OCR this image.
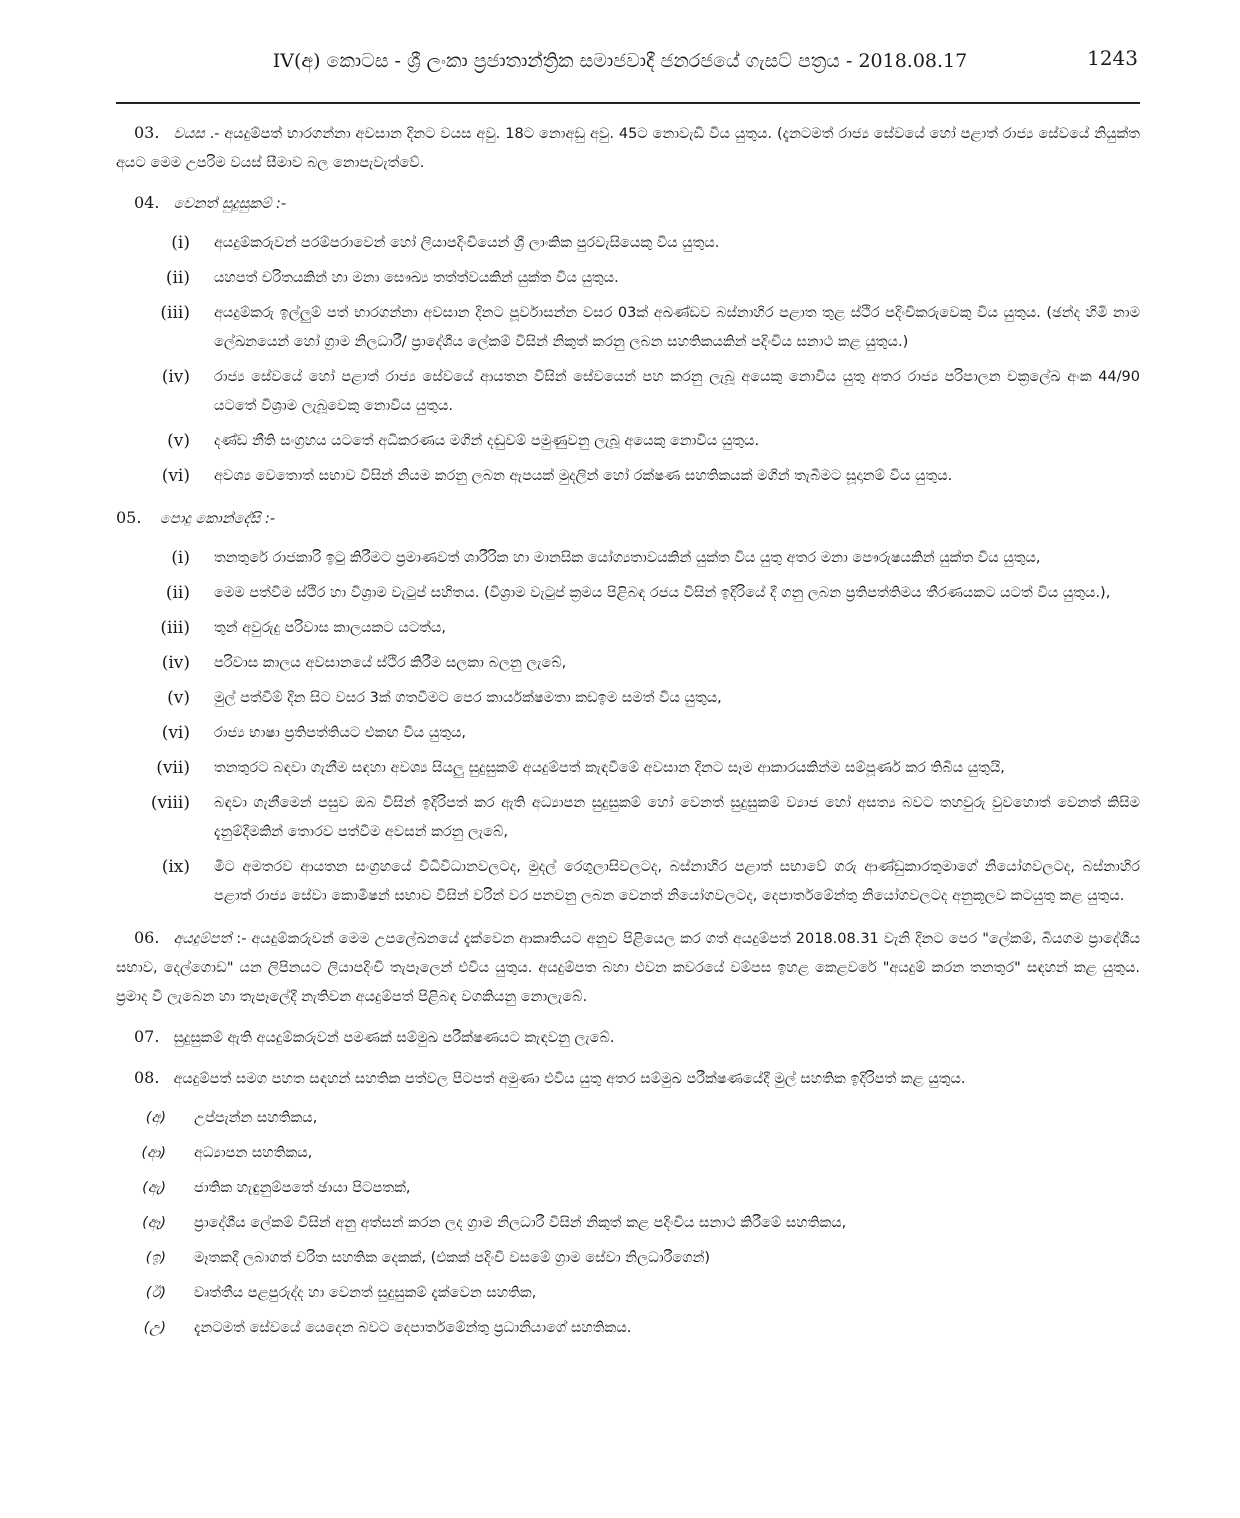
IV(අ) කොටස - ශ්‍රී ලංකා ප්‍රජාතාන්ත්‍රික සමාජවාදී ජනරජයේ ගැසට් පත්‍රය - 2018.08.17	1243

03. වයස .- අයදුම්පත් භාරගන්නා අවසාන දිනට වයස අවු. 18ට නොඅඩු අවු. 45ට නොවැඩි විය යුතුය. (දැනටමත් රාජ්‍ය සේවයේ හෝ පළාත් රාජ්‍ය සේවයේ නියුක්ත අයට මෙම උපරිම වයස් සීමාව බල නොපැවැත්වේ.

04. වෙනත් සුදුසුකම් :-

(i)	අයදුම්කරුවන් පරම්පරාවෙන් හෝ ලියාපදිංචියෙන් ශ්‍රී ලාංකික පුරවැසියෙකු විය යුතුය.
(ii)	යහපත් චරිතයකින් හා මනා සෞඛ්‍ය තත්ත්වයකින් යුක්ත විය යුතුය.
(iii)	අයදුම්කරු ඉල්ලුම් පත් භාරගන්නා අවසාන දිනට පූර්වාසන්න වසර 03ක් අඛණ්ඩව බස්නාහිර පළාත තුළ ස්ථිර පදිංචිකරුවෙකු විය යුතුය. (ඡන්ද හිමි නාම ලේඛනයෙන් හෝ ග්‍රාම නිලධාරී/ ප්‍රාදේශීය ලේකම් විසින් නිකුත් කරනු ලබන සහතිකයකින් පදිංචිය සනාථ කළ යුතුය.)
(iv)	රාජ්‍ය සේවයේ හෝ පළාත් රාජ්‍ය සේවයේ ආයතන විසින් සේවයෙන් පහ කරනු ලැබූ අයෙකු නොවිය යුතු අතර රාජ්‍ය පරිපාලන චක්‍රලේඛ අංක 44/90 යටතේ විශ්‍රාම ලැබූවෙකු නොවිය යුතුය.
(v)	දණ්ඩ නීති සංග්‍රහය යටතේ අධිකරණය මගින් දඬුවම් පමුණුවනු ලැබූ අයෙකු නොවිය යුතුය.
(vi)	අවශ්‍ය වෙතොත් සභාව විසින් නියම කරනු ලබන ඇපයක් මුදලින් හෝ රක්ෂණ සහතිකයක් මගින් තැබීමට සූදානම් විය යුතුය.

05. පොදු කොන්දේසි :-

(i)	තනතුරේ රාජකාරි ඉටු කිරීමට ප්‍රමාණවත් ශාරීරික හා මානසික යෝග්‍යතාවයකින් යුක්ත විය යුතු අතර මනා පෞරුෂයකින් යුක්ත විය යුතුය,
(ii)	මෙම පත්වීම ස්ථිර හා විශ්‍රාම වැටුප් සහිතය. (විශ්‍රාම වැටුප් ක්‍රමය පිළිබඳ රජය විසින් ඉදිරියේ දී ගනු ලබන ප්‍රතිපත්තිමය තීරණයකට යටත් විය යුතුය.),
(iii)	තුන් අවුරුදු පරිවාස කාලයකට යටත්ය,
(iv)	පරිවාස කාලය අවසානයේ ස්ථිර කිරීම සලකා බලනු ලැබේ,
(v)	මුල් පත්වීම් දින සිට වසර 3ක් ගතවීමට පෙර කාර්යක්ෂමතා කඩඉම සමත් විය යුතුය,
(vi)	රාජ්‍ය භාෂා ප්‍රතිපත්තියට එකඟ විය යුතුය,
(vii)	තනතුරට බඳවා ගැනීම සඳහා අවශ්‍ය සියලු සුදුසුකම් අයදුම්පත් කැඳවීමේ අවසාන දිනට සෑම ආකාරයකින්ම සම්පූර්ණ කර තිබිය යුතුයි,
(viii)	බඳවා ගැනීමෙන් පසුව ඔබ විසින් ඉදිරිපත් කර ඇති අධ්‍යාපන සුදුසුකම් හෝ වෙනත් සුදුසුකම් ව්‍යාජ හෝ අසත්‍ය බවට තහවුරු වුවහොත් වෙනත් කිසිම දැනුම්දීමකින් තොරව පත්වීම අවසන් කරනු ලැබේ,
(ix)	මීට අමතරව ආයතන සංග්‍රහයේ විධිවිධානවලටද, මුදල් රෙගුලාසිවලටද, බස්නාහිර පළාත් සභාවේ ගරු ආණ්ඩුකාරතුමාගේ නියෝගවලටද, බස්නාහිර පළාත් රාජ්‍ය සේවා කොමිෂන් සභාව විසින් වරින් වර පනවනු ලබන වෙනත් නියෝගවලටද, දෙපාර්තමේන්තු නියෝගවලටද අනුකූලව කටයුතු කළ යුතුය.

06. අයදුම්පත් :- අයදුම්කරුවන් මෙම උපලේඛනයේ දැක්වෙන ආකෘතියට අනුව පිළියෙල කර ගත් අයදුම්පත් 2018.08.31 වැනි දිනට පෙර "ලේකම්, බියගම ප්‍රාදේශීය සභාව, දෙල්ගොඩ" යන ලිපිනයට ලියාපදිංචි තැපෑලෙන් එවිය යුතුය. අයදුම්පත බහා එවන කවරයේ වම්පස ඉහළ කෙළවරේ "අයදුම් කරන තනතුර" සඳහන් කළ යුතුය. ප්‍රමාද වී ලැබෙන හා තැපෑලේදී නැතිවන අයදුම්පත් පිළිබඳ වගකියනු නොලැබේ.

07. සුදුසුකම් ඇති අයදුම්කරුවන් පමණක් සම්මුඛ පරීක්ෂණයට කැඳවනු ලැබේ.

08. අයදුම්පත් සමග පහත සඳහන් සහතික පත්වල පිටපත් අමුණා එවිය යුතු අතර සම්මුඛ පරීක්ෂණයේදී මුල් සහතික ඉදිරිපත් කළ යුතුය.

(අ)	උප්පැන්න සහතිකය,
(ආ)	අධ්‍යාපන සහතිකය,
(ඇ)	ජාතික හැඳුනුම්පතේ ඡායා පිටපතක්,
(ඈ)	ප්‍රාදේශීය ලේකම් විසින් අනු අත්සන් කරන ලද ග්‍රාම නිලධාරී විසින් නිකුත් කළ පදිංචිය සනාථ කිරීමේ සහතිකය,
(ඉ)	මෑතකදී ලබාගත් චරිත සහතික දෙකක්, (එකක් පදිංචි වසමේ ග්‍රාම සේවා නිලධාරීගෙන්)
(ඊ)	වෘත්තීය පළපුරුද්ද හා වෙනත් සුදුසුකම් දැක්වෙන සහතික,
(උ)	දැනටමත් සේවයේ යෙදෙන බවට දෙපාර්තමේන්තු ප්‍රධානියාගේ සහතිකය.
